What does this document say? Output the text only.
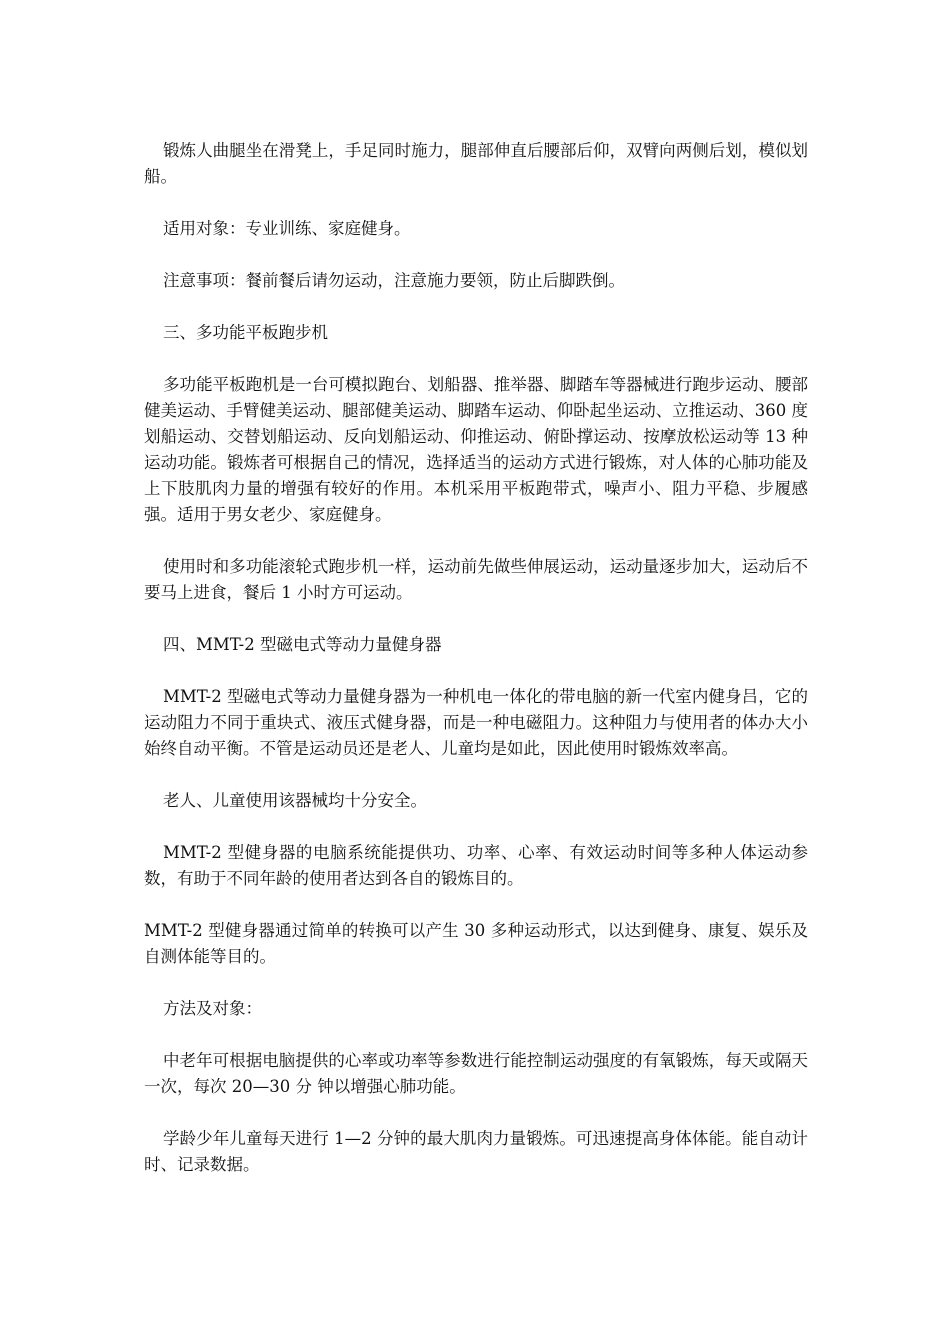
锻炼人曲腿坐在滑凳上，手足同时施力，腿部伸直后腰部后仰，双臂向两侧后划，模似划船。

适用对象：专业训练、家庭健身。

注意事项：餐前餐后请勿运动，注意施力要领，防止后脚跌倒。

三、多功能平板跑步机

多功能平板跑机是一台可模拟跑台、划船器、推举器、脚踏车等器械进行跑步运动、腰部健美运动、手臂健美运动、腿部健美运动、脚踏车运动、仰卧起坐运动、立推运动、360 度划船运动、交替划船运动、反向划船运动、仰推运动、俯卧撑运动、按摩放松运动等 13 种运动功能。锻炼者可根据自己的情况，选择适当的运动方式进行锻炼，对人体的心肺功能及上下肢肌肉力量的增强有较好的作用。本机采用平板跑带式，噪声小、阻力平稳、步履感强。适用于男女老少、家庭健身。

使用时和多功能滚轮式跑步机一样，运动前先做些伸展运动，运动量逐步加大，运动后不要马上进食，餐后 1 小时方可运动。

四、MMT-2 型磁电式等动力量健身器

MMT-2 型磁电式等动力量健身器为一种机电一体化的带电脑的新一代室内健身吕，它的运动阻力不同于重块式、液压式健身器，而是一种电磁阻力。这种阻力与使用者的体办大小始终自动平衡。不管是运动员还是老人、儿童均是如此，因此使用时锻炼效率高。

老人、儿童使用该器械均十分安全。

MMT-2 型健身器的电脑系统能提供功、功率、心率、有效运动时间等多种人体运动参数，有助于不同年龄的使用者达到各自的锻炼目的。

MMT-2 型健身器通过简单的转换可以产生 30 多种运动形式，以达到健身、康复、娱乐及自测体能等目的。

方法及对象：

中老年可根据电脑提供的心率或功率等参数进行能控制运动强度的有氧锻炼，每天或隔天一次，每次 20—30 分 钟以增强心肺功能。

学龄少年儿童每天进行 1—2 分钟的最大肌肉力量锻炼。可迅速提高身体体能。能自动计时、记录数据。
